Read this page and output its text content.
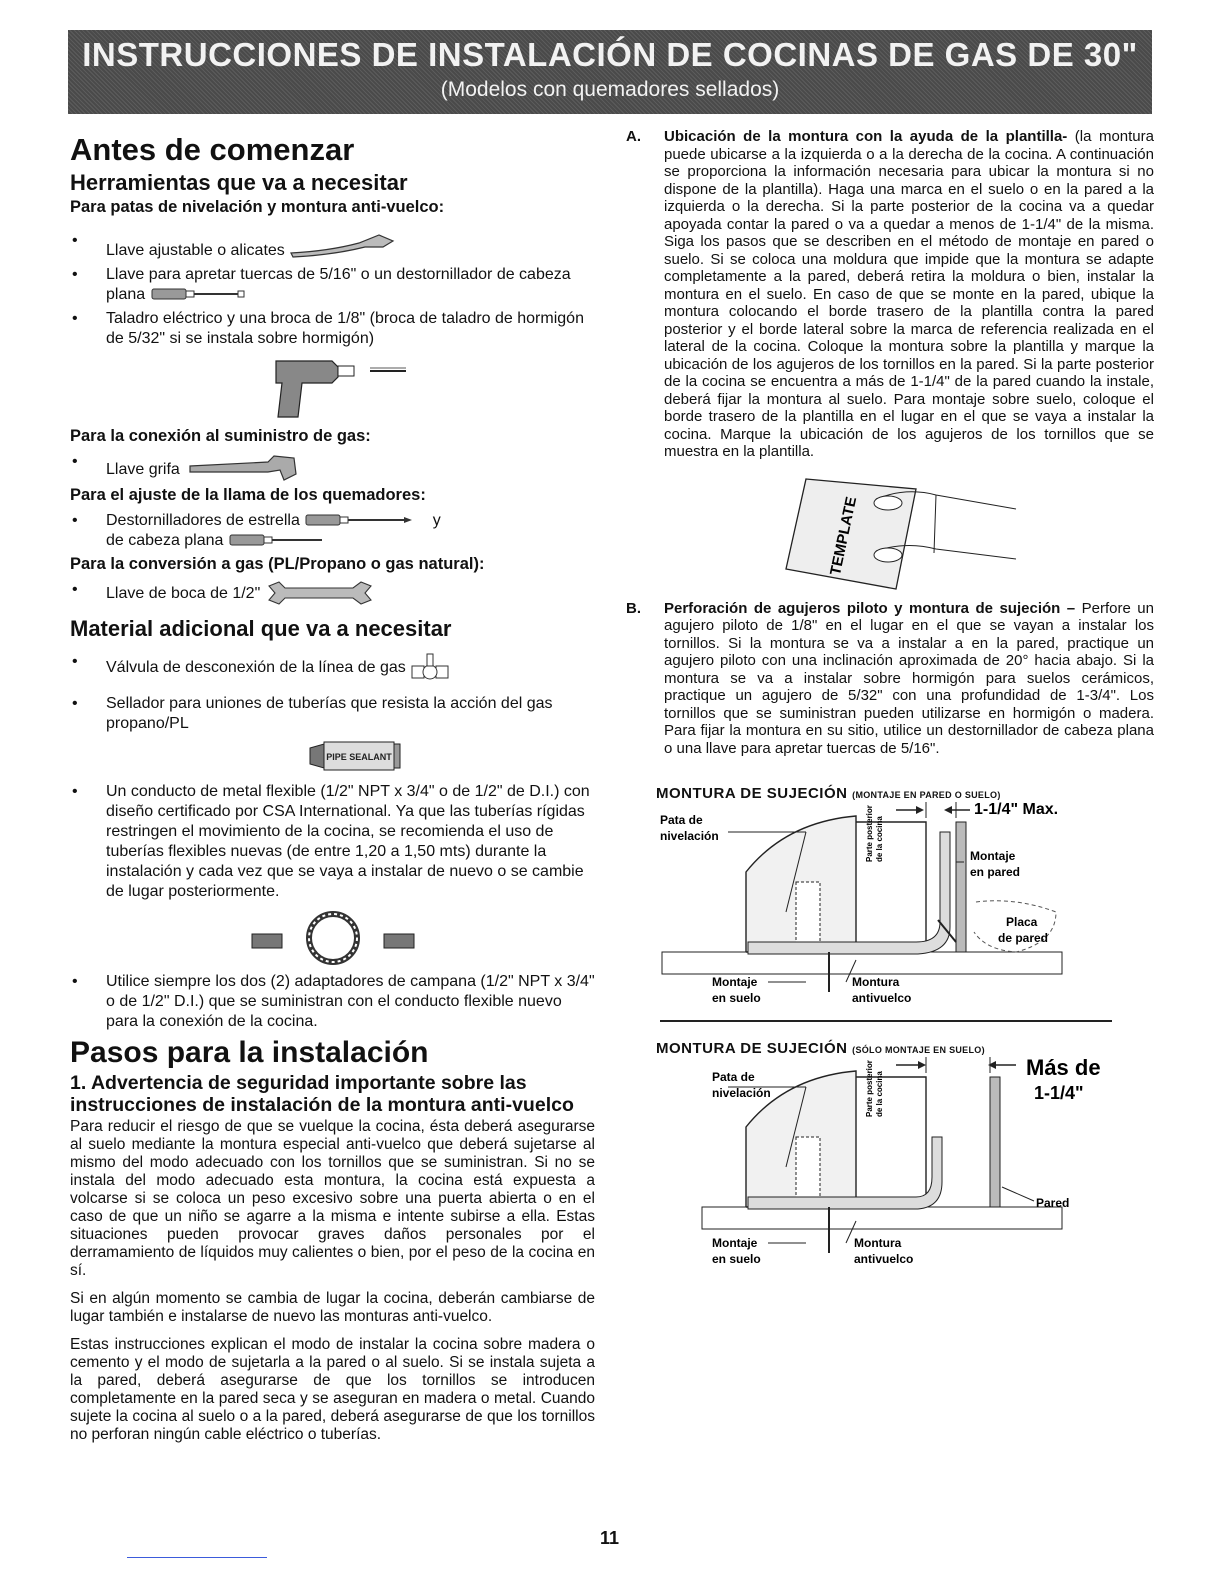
INSTRUCCIONES DE INSTALACIÓN DE COCINAS DE GAS DE 30"
(Modelos con quemadores sellados)
Antes de comenzar
Herramientas que va a necesitar
Para patas de nivelación y montura anti-vuelco:
• Llave ajustable o alicates
• Llave para apretar tuercas de 5/16" o un destornillador de cabeza plana
• Taladro eléctrico y una broca de 1/8" (broca de taladro de hormigón de 5/32" si se instala sobre hormigón)
Para la conexión al suministro de gas:
• Llave grifa
Para el ajuste de la llama de los quemadores:
• Destornilladores de estrella	y
de cabeza plana
Para la conversión a gas (PL/Propano o gas natural):
• Llave de boca de 1/2"
Material adicional que va a necesitar
• Válvula de desconexión de la línea de gas
• Sellador para uniones de tuberías que resista la acción del gas propano/PL
PIPE SEALANT
• Un conducto de metal flexible (1/2" NPT x 3/4" o de 1/2" de D.I.) con diseño certificado por CSA International. Ya que las tuberías rígidas restringen el movimiento de la cocina, se recomienda el uso de tuberías flexibles nuevas (de entre 1,20 a 1,50 mts) durante la instalación y cada vez que se vaya a instalar de nuevo o se cambie de lugar posteriormente.
• Utilice siempre los dos (2) adaptadores de campana (1/2" NPT x 3/4" o de 1/2" D.I.) que se suministran con el conducto flexible nuevo para la conexión de la cocina.
Pasos para la instalación
1. Advertencia de seguridad importante sobre las instrucciones de instalación de la montura anti-vuelco

Para reducir el riesgo de que se vuelque la cocina, ésta deberá asegurarse al suelo mediante la montura especial anti-vuelco que deberá sujetarse al mismo del modo adecuado con los tornillos que se suministran. Si no se instala del modo adecuado esta montura, la cocina está expuesta a volcarse si se coloca un peso excesivo sobre una puerta abierta o en el caso de que un niño se agarre a la misma e intente subirse a ella. Estas situaciones pueden provocar graves daños personales por el derramamiento de líquidos muy calientes o bien, por el peso de la cocina en sí.

Si en algún momento se cambia de lugar la cocina, deberán cambiarse de lugar también e instalarse de nuevo las monturas anti-vuelco.

Estas instrucciones explican el modo de instalar la cocina sobre madera o cemento y el modo de sujetarla a la pared o al suelo. Si se instala sujeta a la pared, deberá asegurarse de que los tornillos se introducen completamente en la pared seca y se aseguran en madera o metal. Cuando sujete la cocina al suelo o a la pared, deberá asegurarse de que los tornillos no perforan ningún cable eléctrico o tuberías.

A.	Ubicación de la montura con la ayuda de la plantilla- (la montura puede ubicarse a la izquierda o a la derecha de la cocina. A continuación se proporciona la información necesaria para ubicar la montura si no dispone de la plantilla). Haga una marca en el suelo o en la pared a la izquierda o la derecha. Si la parte posterior de la cocina va a quedar apoyada contar la pared o va a quedar a menos de 1-1/4" de la misma. Siga los pasos que se describen en el método de montaje en pared o suelo. Si se coloca una moldura que impide que la montura se adapte completamente a la pared, deberá retira la moldura o bien, instalar la montura en el suelo. En caso de que se monte en la pared, ubique la montura colocando el borde trasero de la plantilla contra la pared posterior y el borde lateral sobre la marca de referencia realizada en el lateral de la cocina. Coloque la montura sobre la plantilla y marque la ubicación de los agujeros de los tornillos en la pared. Si la parte posterior de la cocina se encuentra a más de 1-1/4" de la pared cuando la instale, deberá fijar la montura al suelo. Para montaje sobre suelo, coloque el borde trasero de la plantilla en el lugar en el que se vaya a instalar la cocina. Marque la ubicación de los agujeros de los tornillos que se muestra en la plantilla.
TEMPLATE
B.	Perforación de agujeros piloto y montura de sujeción – Perfore un agujero piloto de 1/8" en el lugar en el que se vayan a instalar los tornillos. Si la montura se va a instalar a en la pared, practique un agujero piloto con una inclinación aproximada de 20° hacia abajo. Si la montura se va a instalar sobre hormigón para suelos cerámicos, practique un agujero de 5/32" con una profundidad de 1-3/4". Los tornillos que se suministran pueden utilizarse en hormigón o madera. Para fijar la montura en su sitio, utilice un destornillador de cabeza plana o una llave para apretar tuercas de 5/16".

MONTURA DE SUJECIÓN (MONTAJE EN PARED O SUELO)

Pata de
nivelación
1-1/4" Max.
Parte posterior de la cocina	Montaje
en pared
Placa
de pared
Montaje
en suelo
Montura
antivuelco

MONTURA DE SUJECIÓN (SÓLO MONTAJE EN SUELO)

Pata de
nivelación
Más de
1-1/4"
Parte posterior de la cocina
Pared
Montaje
en suelo
Montura
antivuelco
11
